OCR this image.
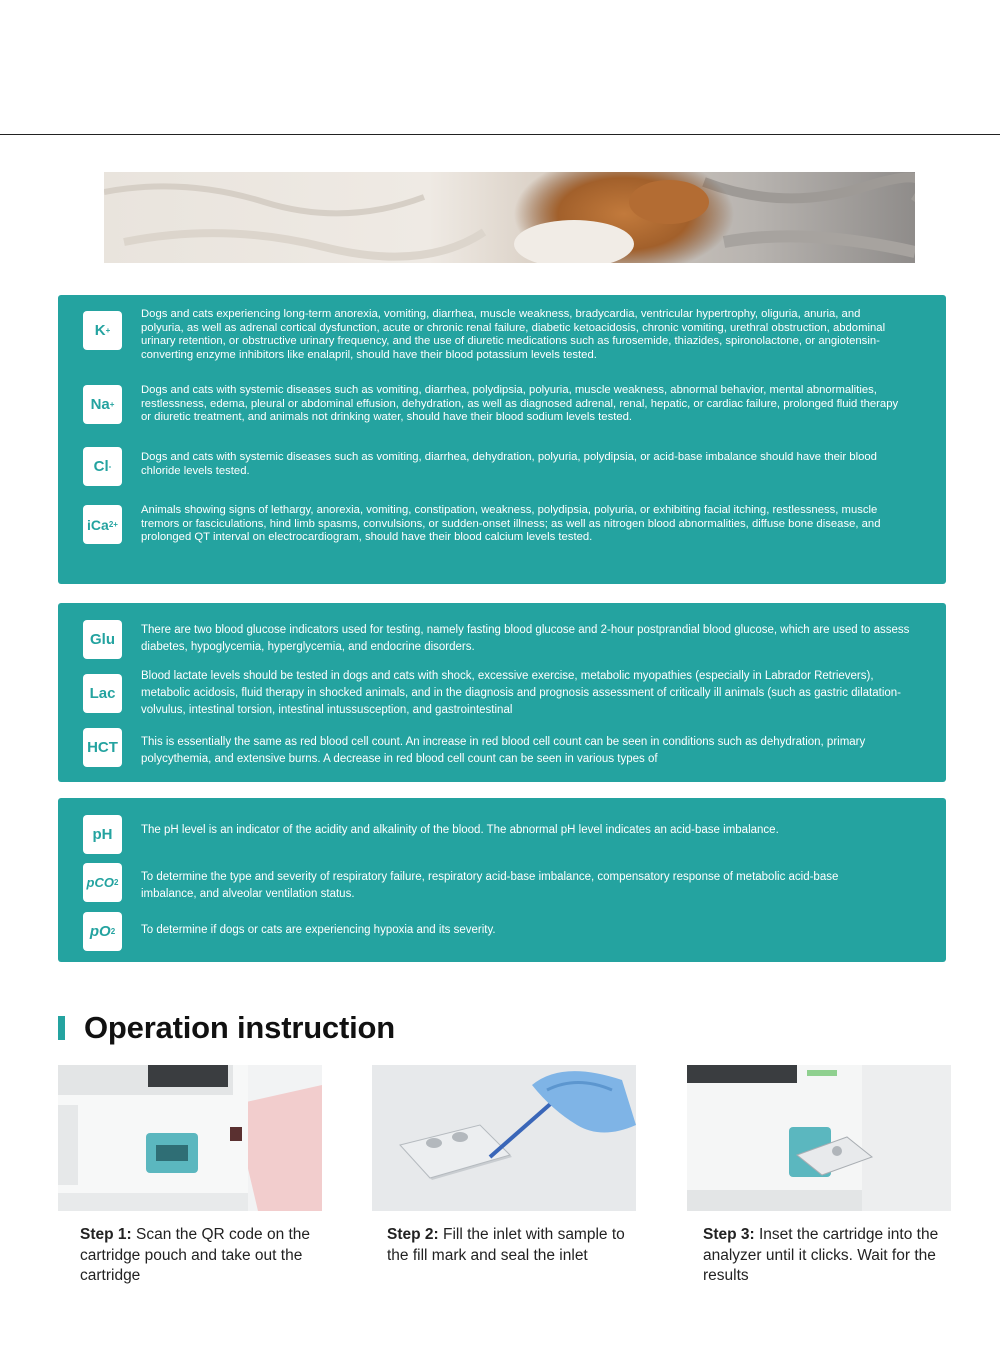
K +
Dogs and cats experiencing long-term anorexia, vomiting, diarrhea, muscle weakness, bradycardia, ventricular hypertrophy, oliguria, anuria, and polyuria, as well as adrenal cortical dysfunction, acute or chronic renal failure, diabetic ketoacidosis, chronic vomiting, urethral obstruction, abdominal urinary retention, or obstructive urinary frequency, and the use of diuretic medications such as furosemide, thiazides, spironolactone, or angiotensin-converting enzyme inhibitors like enalapril, should have their blood potassium levels tested.
Na +
Dogs and cats with systemic diseases such as vomiting, diarrhea, polydipsia, polyuria, muscle weakness, abnormal behavior, mental abnormalities, restlessness, edema, pleural or abdominal effusion, dehydration, as well as diagnosed adrenal, renal, hepatic, or cardiac failure, prolonged fluid therapy or diuretic treatment, and animals not drinking water, should have their blood sodium levels tested.
Cl -
Dogs and cats with systemic diseases such as vomiting, diarrhea, dehydration, polyuria, polydipsia, or acid-base imbalance should have their blood chloride levels tested.
iCa 2+
Animals showing signs of lethargy, anorexia, vomiting, constipation, weakness, polydipsia, polyuria, or exhibiting facial itching, restlessness, muscle tremors or fasciculations, hind limb spasms, convulsions, or sudden-onset illness; as well as nitrogen blood abnormalities, diffuse bone disease, and prolonged QT interval on electrocardiogram, should have their blood calcium levels tested.
Glu
There are two blood glucose indicators used for testing, namely fasting blood glucose and 2-hour postprandial blood glucose, which are used to assess diabetes, hypoglycemia, hyperglycemia, and endocrine disorders.
Lac
Blood lactate levels should be tested in dogs and cats with shock, excessive exercise, metabolic myopathies (especially in Labrador Retrievers), metabolic acidosis, fluid therapy in shocked animals, and in the diagnosis and prognosis assessment of critically ill animals (such as gastric dilatation-volvulus, intestinal torsion, intestinal intussusception, and gastrointestinal
HCT	This is essentially the same as red blood cell count. An increase in red blood cell count can be seen in conditions such as dehydration, primary polycythemia, and extensive burns. A decrease in red blood cell count can be seen in various types of
pH	The pH level is an indicator of the acidity and alkalinity of the blood. The abnormal pH level indicates an acid-base imbalance.
pCO 2 To determine the type and severity of respiratory failure, respiratory acid-base imbalance, compensatory response of metabolic acid-base imbalance, and alveolar ventilation status.
pO 2 To determine if dogs or cats are experiencing hypoxia and its severity.
Operation instruction
Step 1: Scan the QR code on the cartridge pouch and take out the cartridge
Step 2: Fill the inlet with sample to the fill mark and seal the inlet
Step 3: Inset the cartridge into the analyzer until it clicks. Wait for the results
